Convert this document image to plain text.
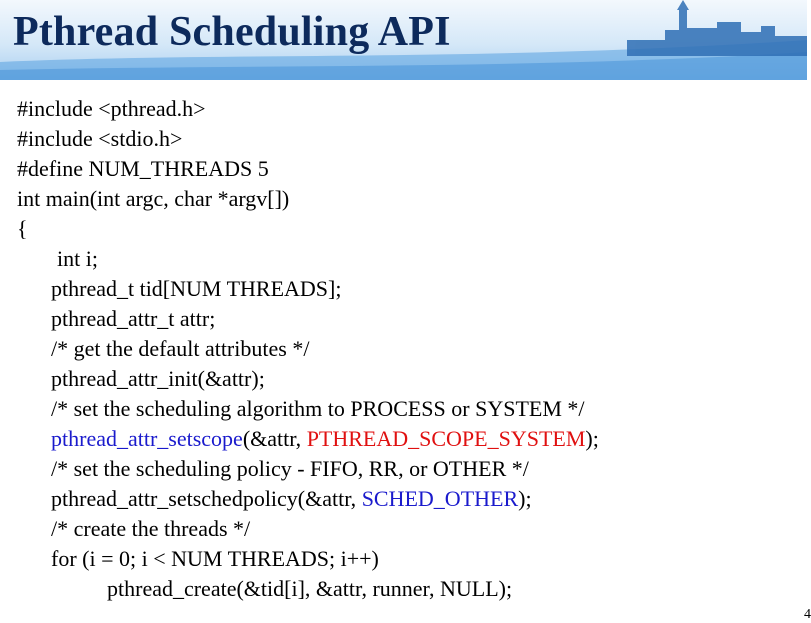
Pthread Scheduling API
#include <pthread.h>
#include <stdio.h>
#define NUM_THREADS 5
int main(int argc, char *argv[])
{
int i;
pthread_t tid[NUM THREADS];
pthread_attr_t attr;
/* get the default attributes */
pthread_attr_init(&attr);
/* set the scheduling algorithm to PROCESS or SYSTEM */
pthread_attr_setscope(&attr, PTHREAD_SCOPE_SYSTEM);
/* set the scheduling policy - FIFO, RR, or OTHER */
pthread_attr_setschedpolicy(&attr, SCHED_OTHER);
/* create the threads */
for (i = 0; i < NUM THREADS; i++)
pthread_create(&tid[i], &attr, runner, NULL);
4
